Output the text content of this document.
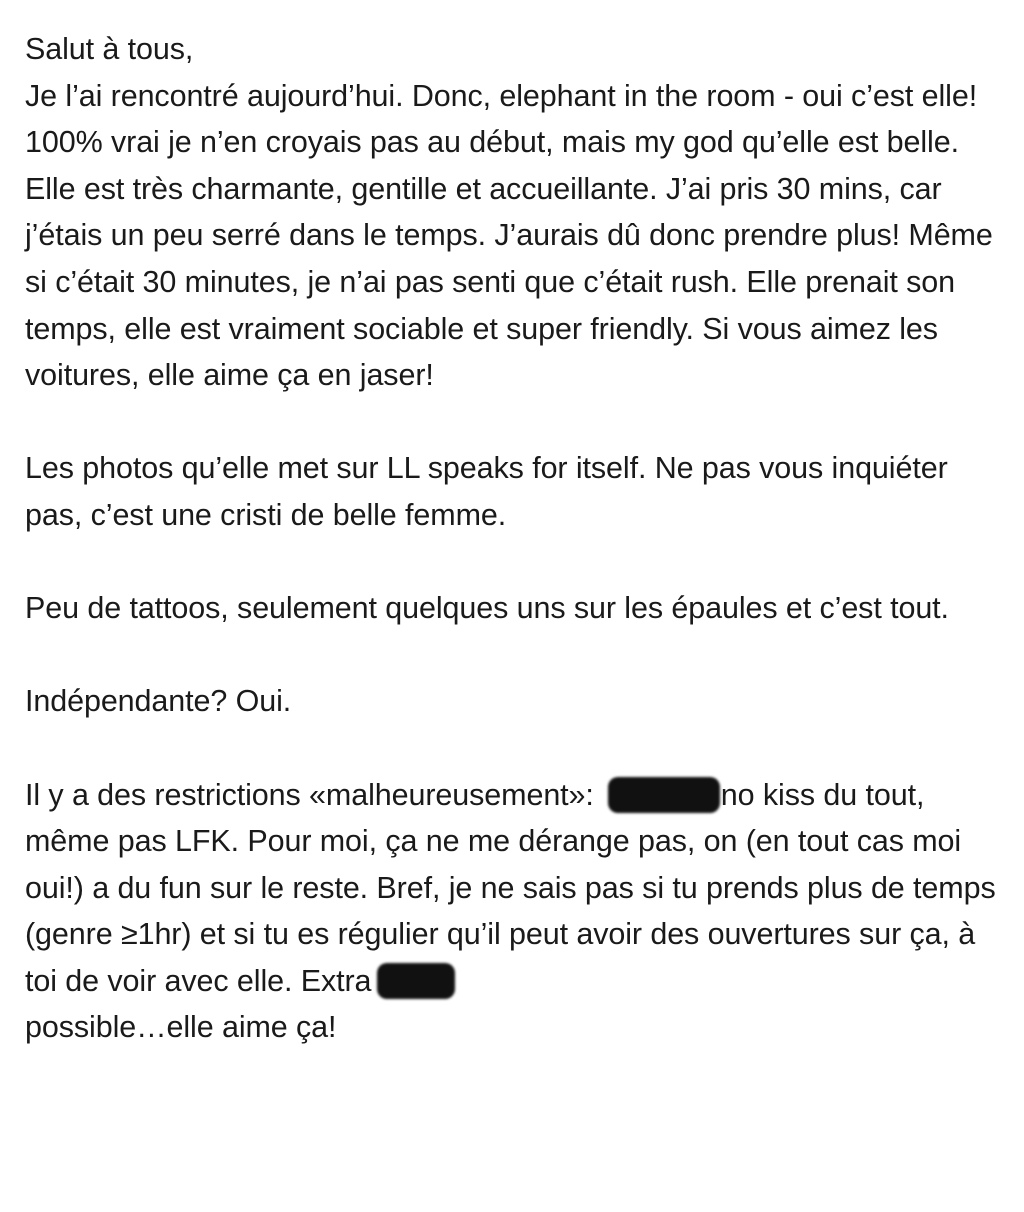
Salut à tous,
Je l’ai rencontré aujourd’hui. Donc, elephant in the room - oui c’est elle! 100% vrai je n’en croyais pas au début, mais my god qu’elle est belle. Elle est très charmante, gentille et accueillante. J’ai pris 30 mins, car j’étais un peu serré dans le temps. J’aurais dû donc prendre plus! Même si c’était 30 minutes, je n’ai pas senti que c’était rush. Elle prenait son temps, elle est vraiment sociable et super friendly. Si vous aimez les voitures, elle aime ça en jaser!

Les photos qu’elle met sur LL speaks for itself. Ne pas vous inquiéter pas, c’est une cristi de belle femme.

Peu de tattoos, seulement quelques uns sur les épaules et c’est tout.

Indépendante? Oui.

Il y a des restrictions «malheureusement»:	no kiss du tout, même pas LFK. Pour moi, ça ne me dérange pas, on (en tout cas moi oui!) a du fun sur le reste. Bref, je ne sais pas si tu prends plus de temps (genre ≥1hr) et si tu es régulier qu’il peut avoir des ouvertures sur ça, à toi de voir avec elle. Extra
possible…elle aime ça!
